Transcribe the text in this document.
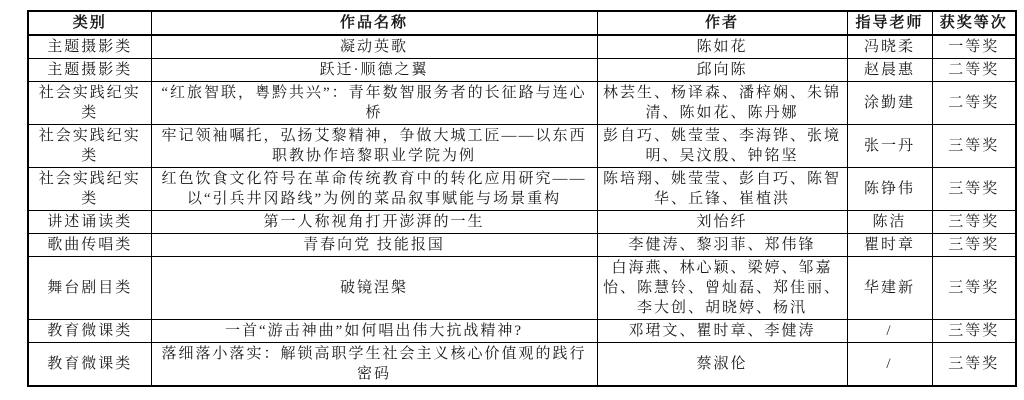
类别	作品名称	作者	指导老师	获奖等次
主题摄影类	凝动英歌	陈如花	冯晓柔	一等奖
主题摄影类	跃迁·顺德之翼	邱向陈	赵晨惠	二等奖
社会实践纪实类	“红旅智联，粤黔共兴”：青年数智服务者的长征路与连心桥	林芸生、杨译森、潘梓娴、朱锦清、陈如花、陈丹娜	涂勤建	二等奖
社会实践纪实类	牢记领袖嘱托，弘扬艾黎精神，争做大城工匠——以东西职教协作培黎职业学院为例	彭自巧、姚莹莹、李海铧、张境明、吴汶殷、钟铭坚	张一丹	三等奖
社会实践纪实类	红色饮食文化符号在革命传统教育中的转化应用研究——以“引兵井冈路线”为例的菜品叙事赋能与场景重构	陈培翔、姚莹莹、彭自巧、陈智华、丘锋、崔植洪	陈铮伟	三等奖
讲述诵读类	第一人称视角打开澎湃的一生	刘怡纤	陈洁	三等奖
歌曲传唱类	青春向党 技能报国	李健涛、黎羽菲、郑伟锋	瞿时章	三等奖
舞台剧目类	破镜涅槃	白海燕、林心颖、梁婷、邹嘉怡、陈慧铃、曾灿磊、郑佳丽、李大创、胡晓婷、杨汛	华建新	三等奖
教育微课类	一首“游击神曲”如何唱出伟大抗战精神?	邓珺文、瞿时章、李健涛	/	三等奖
教育微课类	落细落小落实：解锁高职学生社会主义核心价值观的践行密码	蔡淑伦	/	三等奖
